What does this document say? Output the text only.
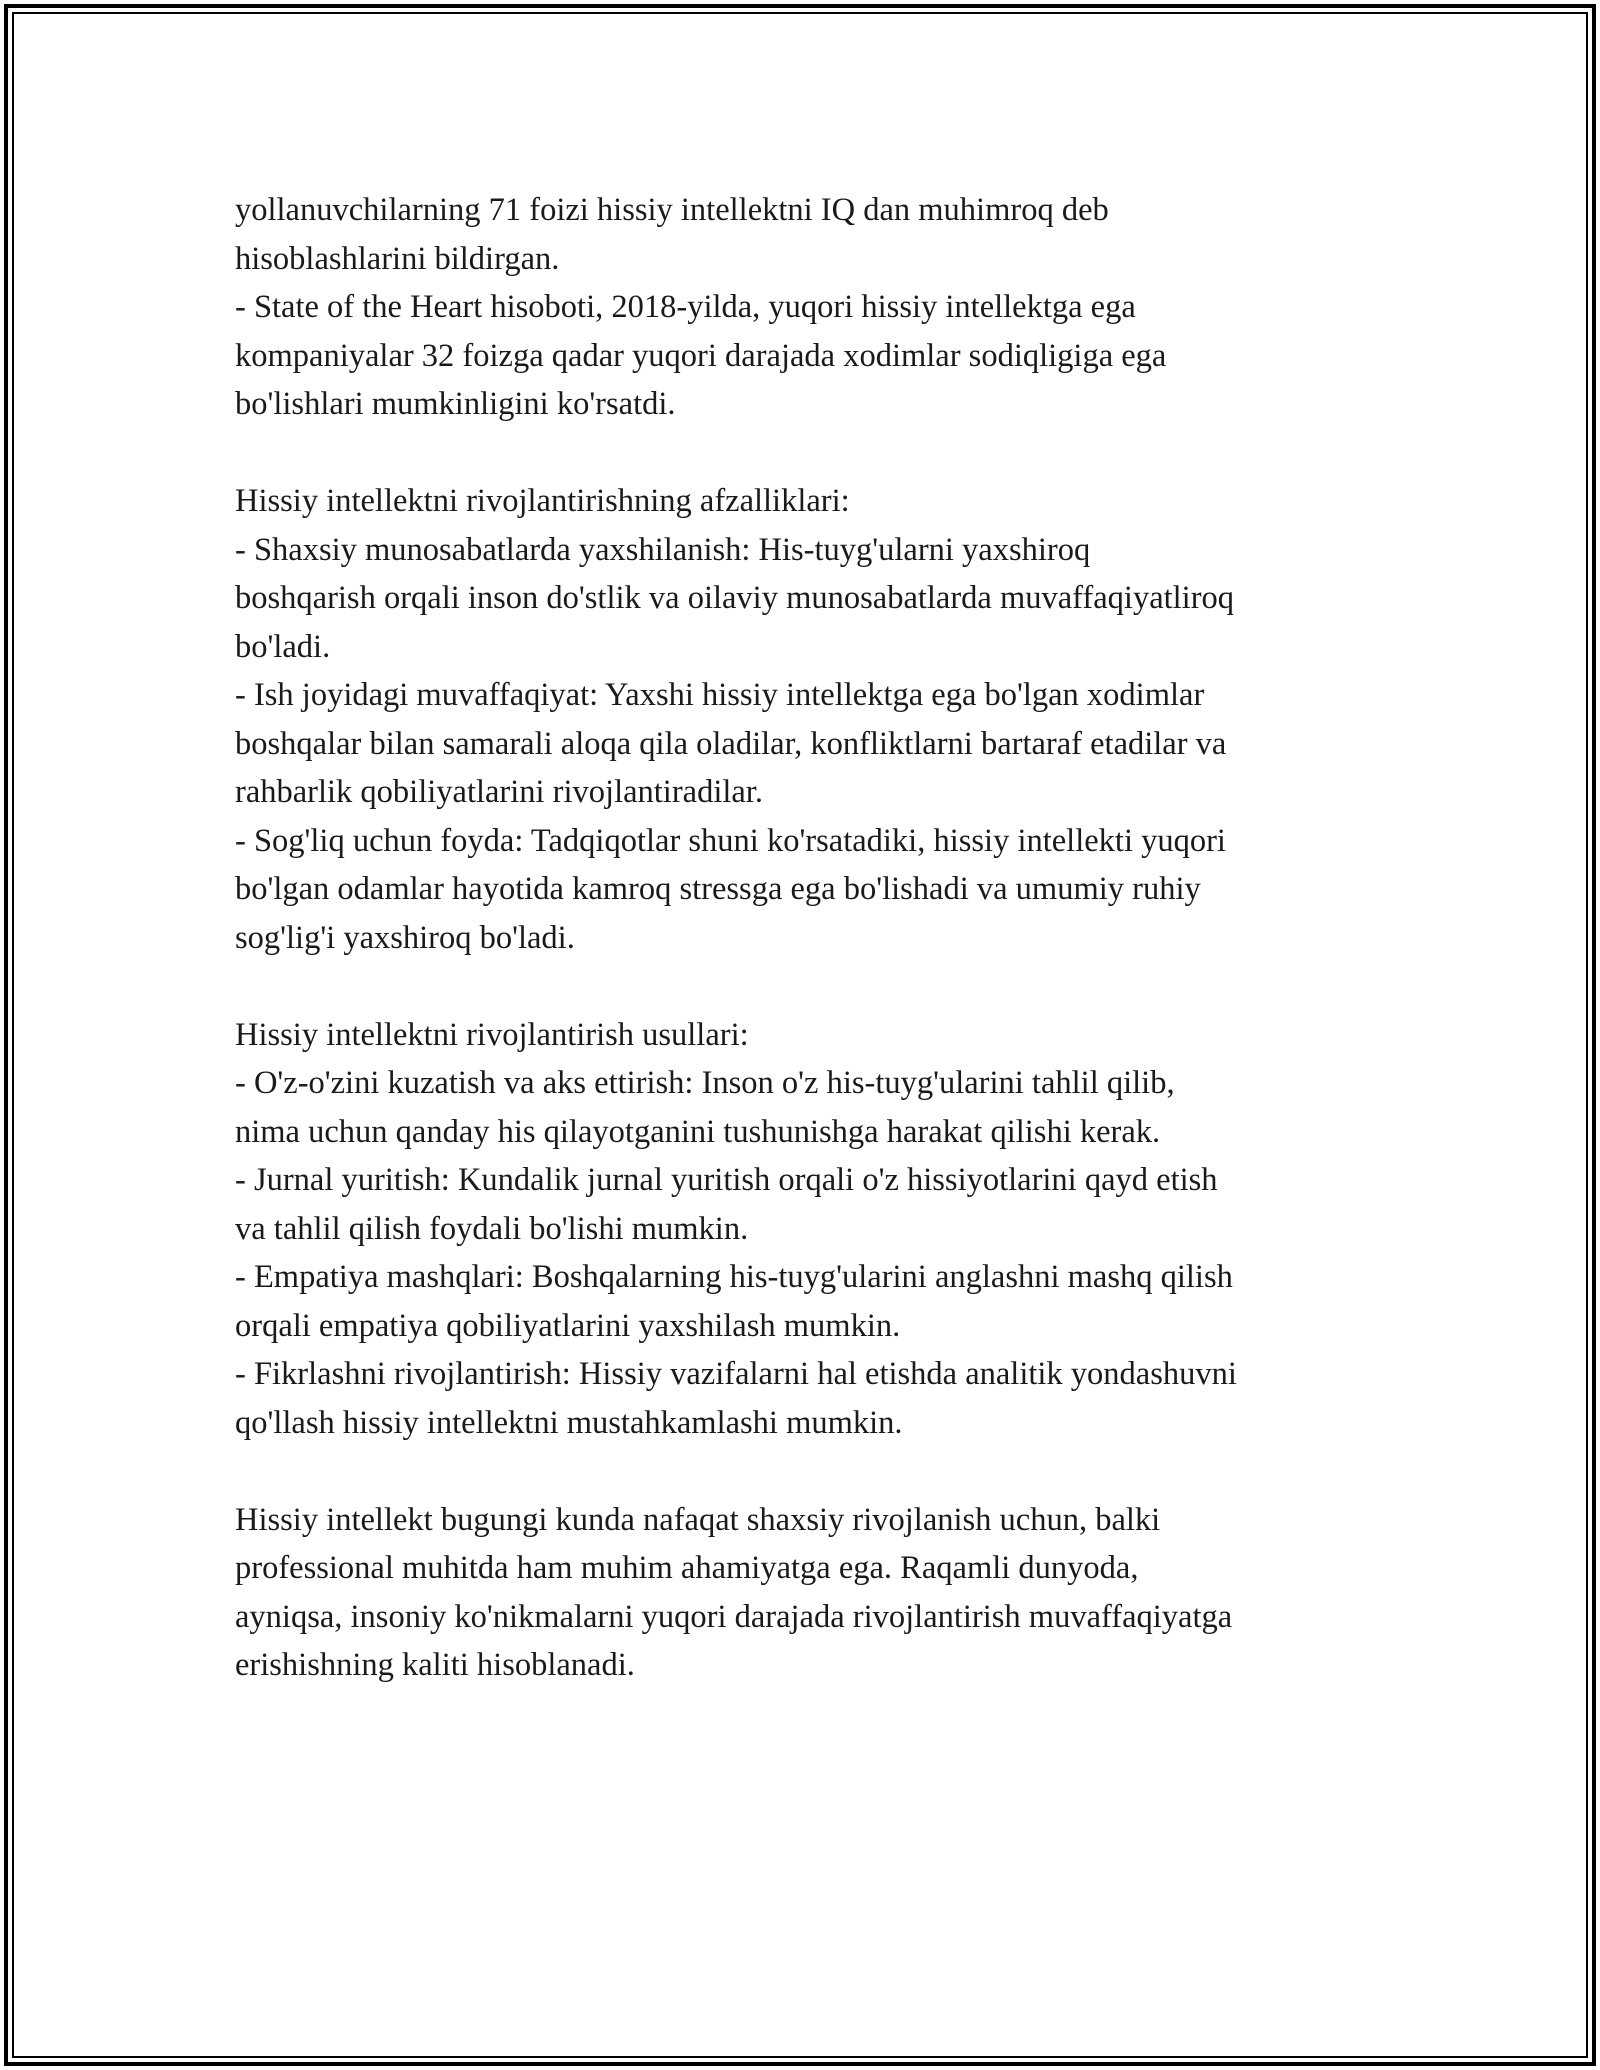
yollanuvchilarning 71 foizi hissiy intellektni IQ dan muhimroq deb
hisoblashlarini bildirgan.
- State of the Heart hisoboti, 2018-yilda, yuqori hissiy intellektga ega
kompaniyalar 32 foizga qadar yuqori darajada xodimlar sodiqligiga ega
bo'lishlari mumkinligini ko'rsatdi.
Hissiy intellektni rivojlantirishning afzalliklari:
- Shaxsiy munosabatlarda yaxshilanish: His-tuyg'ularni yaxshiroq
boshqarish orqali inson do'stlik va oilaviy munosabatlarda muvaffaqiyatliroq
bo'ladi.
- Ish joyidagi muvaffaqiyat: Yaxshi hissiy intellektga ega bo'lgan xodimlar
boshqalar bilan samarali aloqa qila oladilar, konfliktlarni bartaraf etadilar va
rahbarlik qobiliyatlarini rivojlantiradilar.
- Sog'liq uchun foyda: Tadqiqotlar shuni ko'rsatadiki, hissiy intellekti yuqori
bo'lgan odamlar hayotida kamroq stressga ega bo'lishadi va umumiy ruhiy
sog'lig'i yaxshiroq bo'ladi.
Hissiy intellektni rivojlantirish usullari:
- O'z-o'zini kuzatish va aks ettirish: Inson o'z his-tuyg'ularini tahlil qilib,
nima uchun qanday his qilayotganini tushunishga harakat qilishi kerak.
- Jurnal yuritish: Kundalik jurnal yuritish orqali o'z hissiyotlarini qayd etish
va tahlil qilish foydali bo'lishi mumkin.
- Empatiya mashqlari: Boshqalarning his-tuyg'ularini anglashni mashq qilish
orqali empatiya qobiliyatlarini yaxshilash mumkin.
- Fikrlashni rivojlantirish: Hissiy vazifalarni hal etishda analitik yondashuvni
qo'llash hissiy intellektni mustahkamlashi mumkin.
Hissiy intellekt bugungi kunda nafaqat shaxsiy rivojlanish uchun, balki
professional muhitda ham muhim ahamiyatga ega. Raqamli dunyoda,
ayniqsa, insoniy ko'nikmalarni yuqori darajada rivojlantirish muvaffaqiyatga
erishishning kaliti hisoblanadi.
